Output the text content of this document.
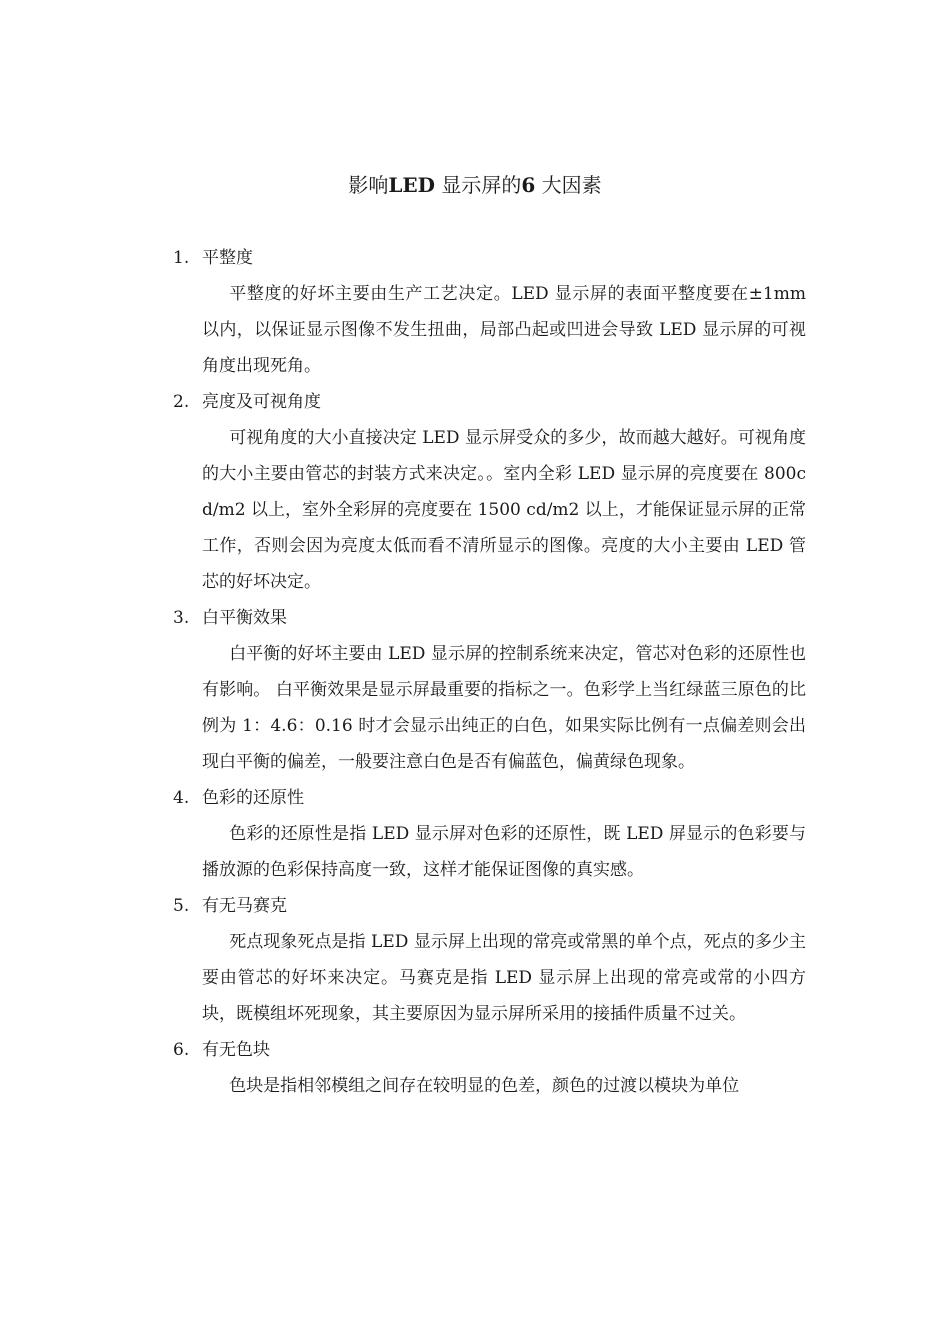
影响LED 显示屏的6 大因素
1. 平整度
平整度的好坏主要由生产工艺决定。LED 显示屏的表面平整度要在±1mm 以内，以保证显示图像不发生扭曲，局部凸起或凹进会导致 LED 显示屏的可视角度出现死角。
2. 亮度及可视角度
可视角度的大小直接决定 LED 显示屏受众的多少，故而越大越好。可视角度的大小主要由管芯的封装方式来决定。。室内全彩 LED 显示屏的亮度要在 800cd/m2 以上，室外全彩屏的亮度要在 1500 cd/m2 以上，才能保证显示屏的正常工作，否则会因为亮度太低而看不清所显示的图像。亮度的大小主要由 LED 管芯的好坏决定。
3. 白平衡效果
白平衡的好坏主要由 LED 显示屏的控制系统来决定，管芯对色彩的还原性也有影响。 白平衡效果是显示屏最重要的指标之一。色彩学上当红绿蓝三原色的比例为 1：4.6：0.16 时才会显示出纯正的白色，如果实际比例有一点偏差则会出现白平衡的偏差，一般要注意白色是否有偏蓝色，偏黄绿色现象。
4. 色彩的还原性
色彩的还原性是指 LED 显示屏对色彩的还原性，既 LED 屏显示的色彩要与播放源的色彩保持高度一致，这样才能保证图像的真实感。
5. 有无马赛克
死点现象死点是指 LED 显示屏上出现的常亮或常黑的单个点，死点的多少主要由管芯的好坏来决定。马赛克是指 LED 显示屏上出现的常亮或常的小四方块，既模组坏死现象，其主要原因为显示屏所采用的接插件质量不过关。
6. 有无色块
色块是指相邻模组之间存在较明显的色差，颜色的过渡以模块为单位
